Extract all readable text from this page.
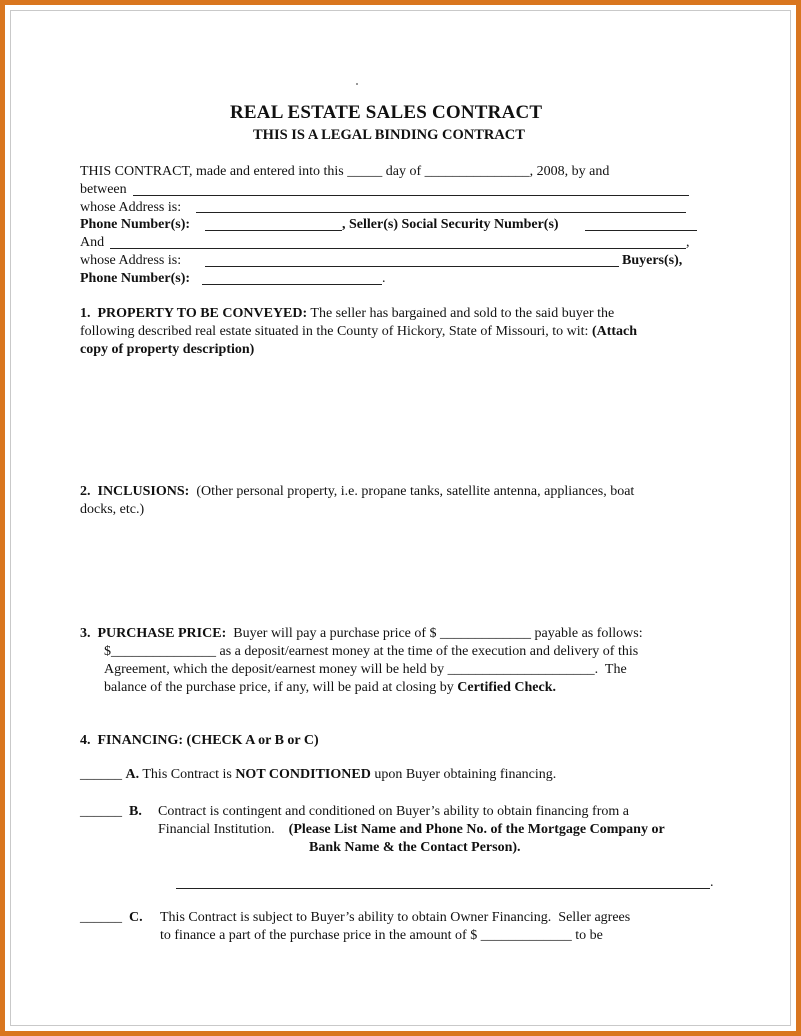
REAL ESTATE SALES CONTRACT
THIS IS A LEGAL BINDING CONTRACT
THIS CONTRACT, made and entered into this _____ day of _______________, 2008, by and
between
whose Address is:
Phone Number(s):	, Seller(s) Social Security Number(s)
And	,
whose Address is:	Buyers(s),
Phone Number(s):	.
1.  PROPERTY TO BE CONVEYED: The seller has bargained and sold to the said buyer the
following described real estate situated in the County of Hickory, State of Missouri, to wit: (Attach
copy of property description)
2.  INCLUSIONS:  (Other personal property, i.e. propane tanks, satellite antenna, appliances, boat
docks, etc.)
3.  PURCHASE PRICE:  Buyer will pay a purchase price of $ _____________ payable as follows:
$_______________ as a deposit/earnest money at the time of the execution and delivery of this
Agreement, which the deposit/earnest money will be held by _____________________.  The
balance of the purchase price, if any, will be paid at closing by Certified Check.
4.  FINANCING: (CHECK A or B or C)
______ A. This Contract is NOT CONDITIONED upon Buyer obtaining financing.
______ B. Contract is contingent and conditioned on Buyer’s ability to obtain financing from a
Financial Institution.    (Please List Name and Phone No. of the Mortgage Company or
Bank Name & the Contact Person).
.
______ C. This Contract is subject to Buyer’s ability to obtain Owner Financing.  Seller agrees
to finance a part of the purchase price in the amount of $ _____________ to be
